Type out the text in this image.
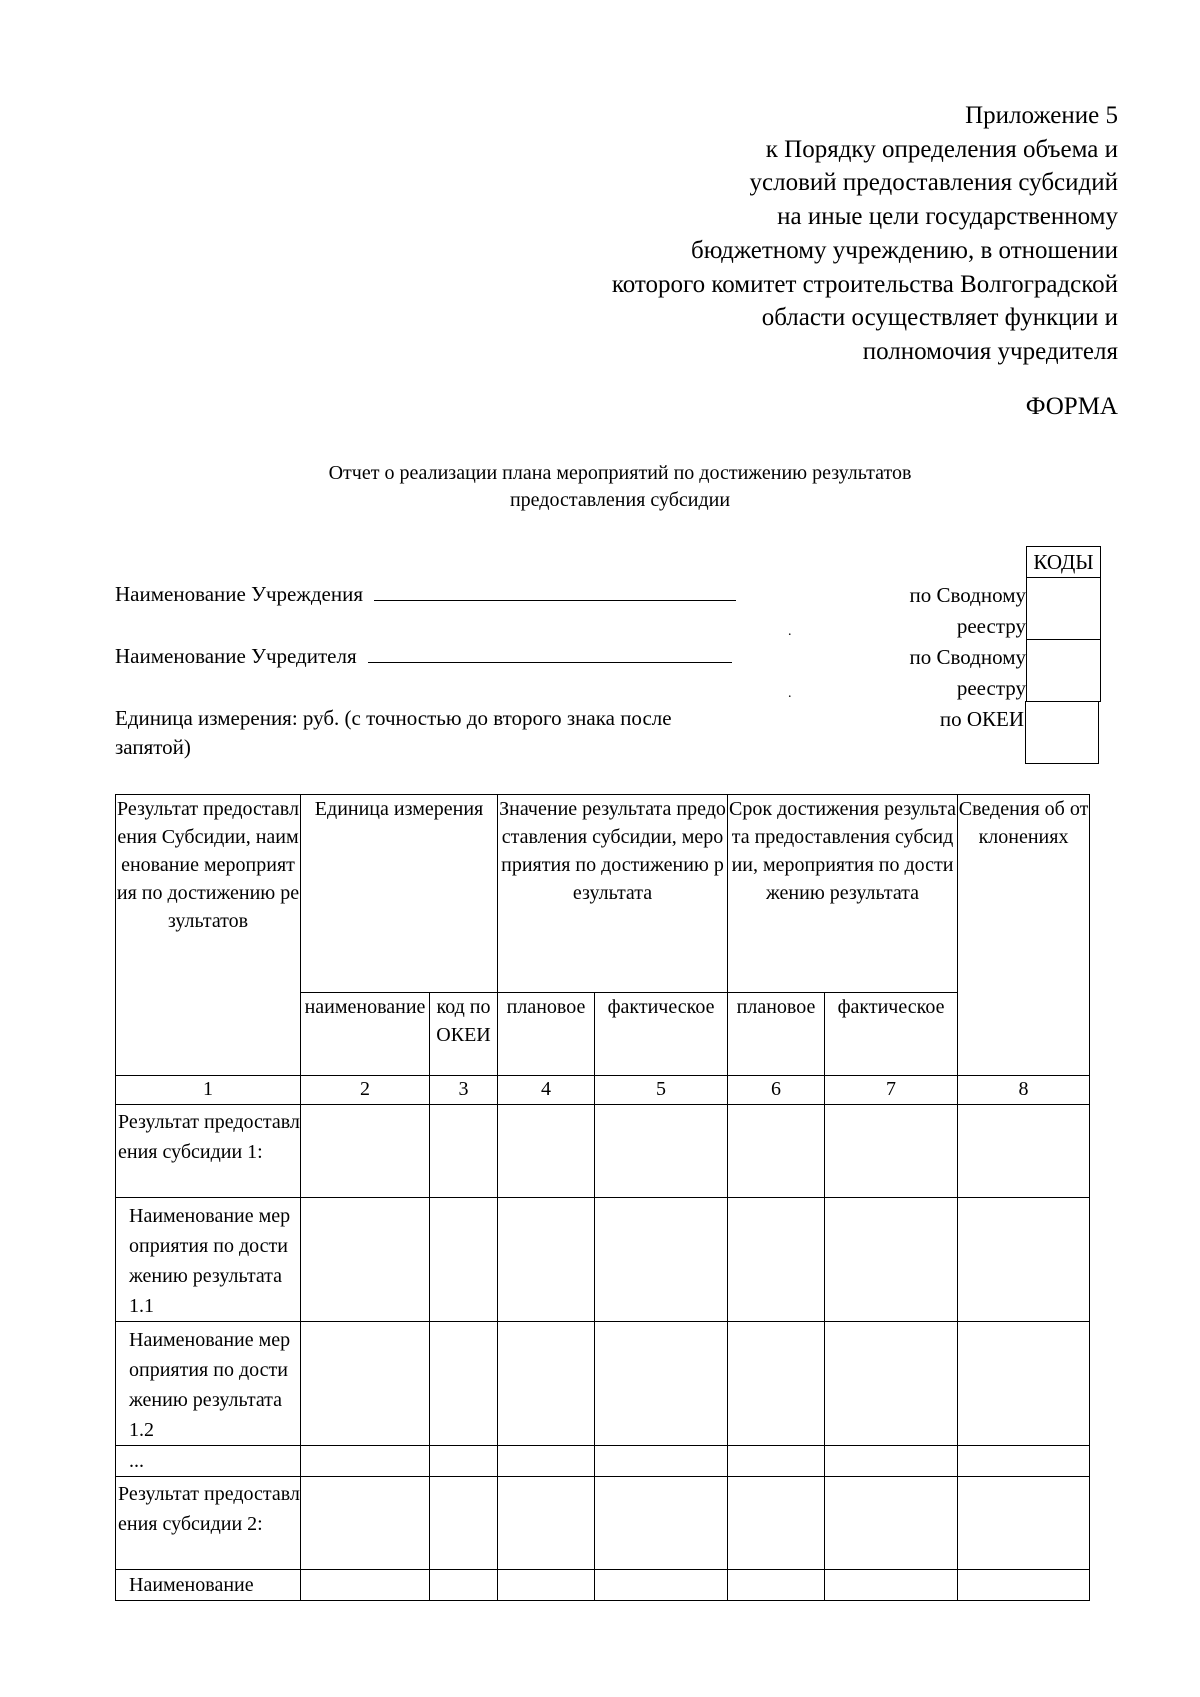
Приложение 5
к Порядку определения объема и
условий предоставления субсидий
на иные цели государственному
бюджетному учреждению, в отношении
которого комитет строительства Волгоградской
области осуществляет функции и
полномочия учредителя
ФОРМА
Отчет о реализации плана мероприятий по достижению результатов
предоставления субсидии
КОДЫ
по Сводному
реестру
по Сводному
реестру
по ОКЕИ
Наименование Учреждения
.
Наименование Учредителя
.
Единица измерения: руб. (с точностью до второго знака после
запятой)
Результат предоставления Субсидии, наименование мероприятия по достижению результатов	Единица измерения		Значение результата предоставления субсидии, мероприятия по достижению результата		Срок достижения результата предоставления субсидии, мероприятия по достижению результата		Сведения об отклонениях
	наименование	код по ОКЕИ	плановое	фактическое	плановое	фактическое	
1	2	3	4	5	6	7	8
Результат предоставления субсидии 1:							
Наименование мероприятия по достижению результата 1.1							
Наименование мероприятия по достижению результата 1.2							
...							
Результат предоставления субсидии 2:							
Наименование							
